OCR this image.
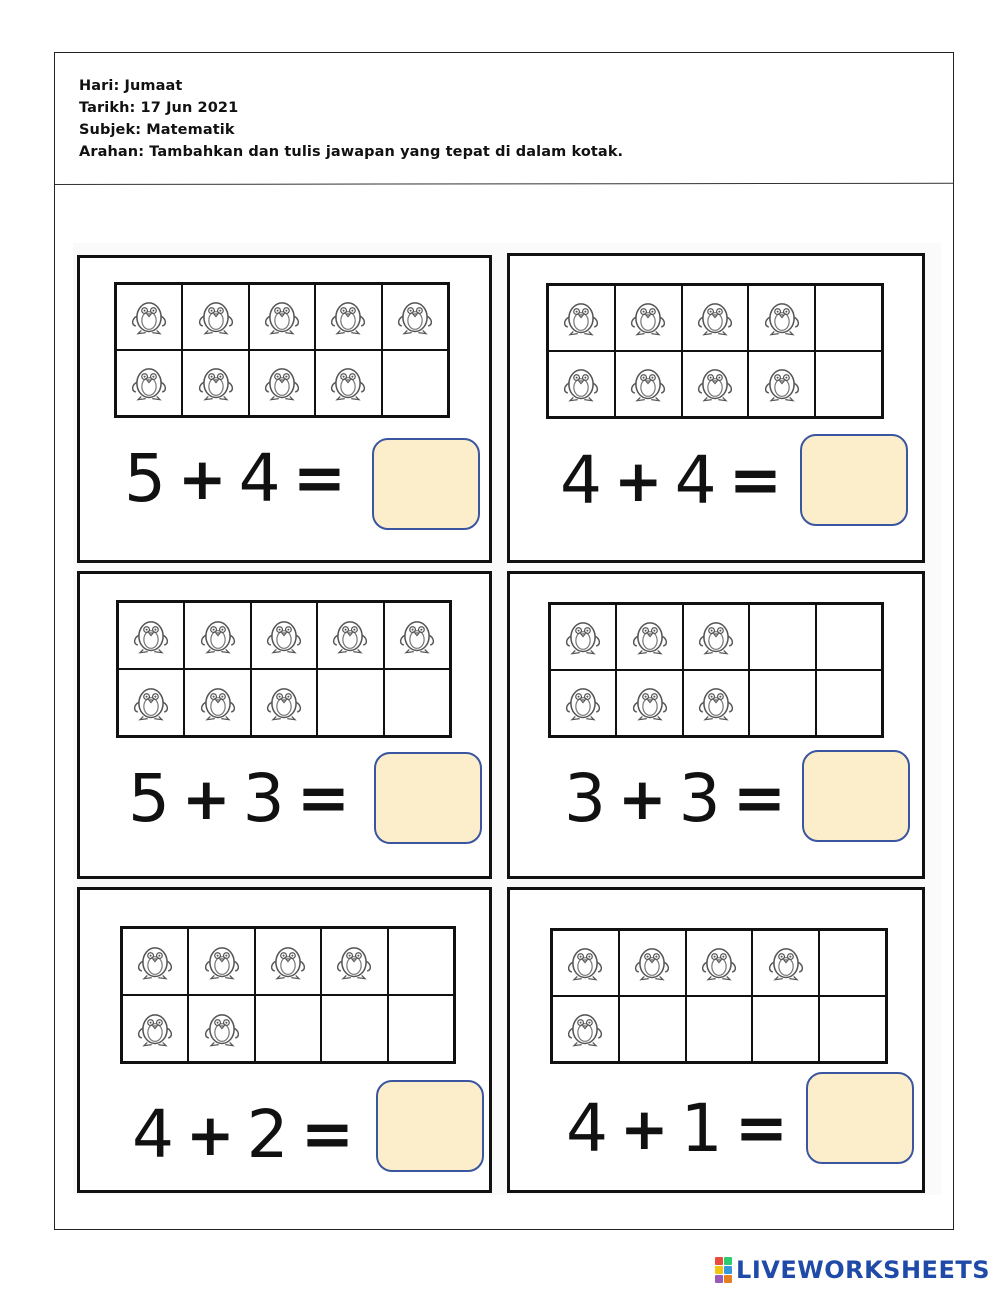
Hari: Jumaat
Tarikh: 17 Jun 2021
Subjek: Matematik
Arahan: Tambahkan dan tulis jawapan yang tepat di dalam kotak.
5 + 4 =	4 + 4 =
5 + 3 =	3 + 3 =
4 + 2 =	4 + 1 =
LIVEWORKSHEETS
